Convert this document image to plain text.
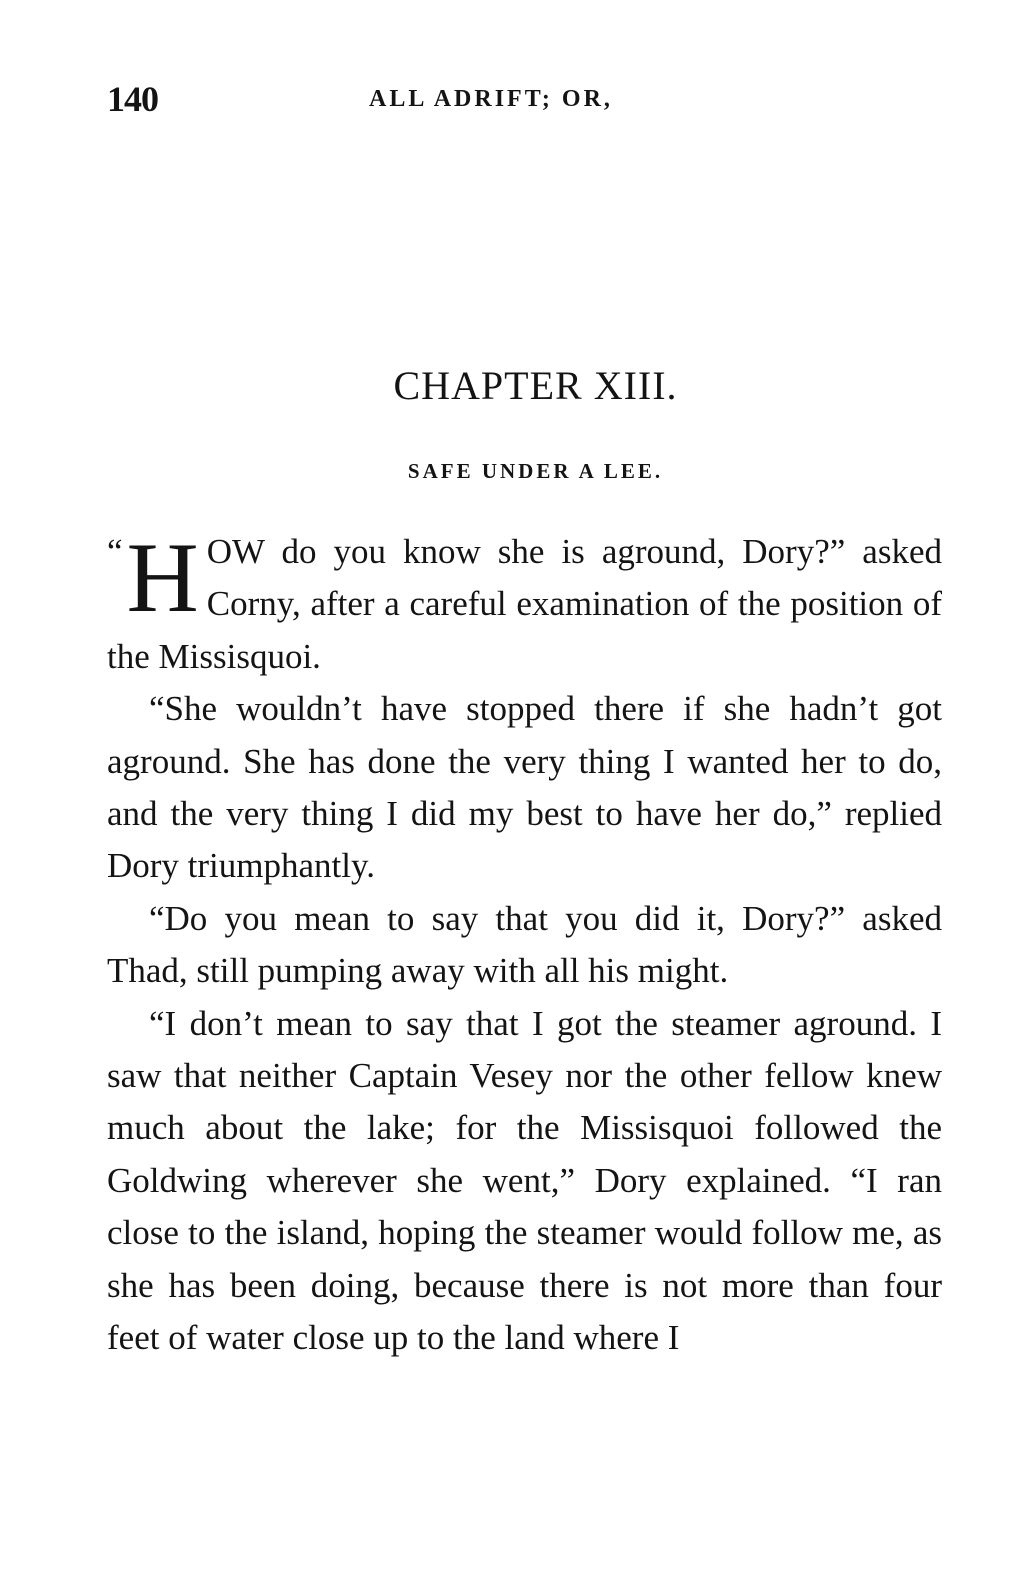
140	ALL ADRIFT; OR,
CHAPTER XIII.
SAFE UNDER A LEE.

“ H OW do you know she is aground, Dory?” asked Corny, after a careful examination of the position of the Missisquoi.

“She wouldn’t have stopped there if she hadn’t got aground. She has done the very thing I wanted her to do, and the very thing I did my best to have her do,” replied Dory triumphantly.

“Do you mean to say that you did it, Dory?” asked Thad, still pumping away with all his might.

“I don’t mean to say that I got the steamer aground. I saw that neither Captain Vesey nor the other fellow knew much about the lake; for the Missisquoi followed the Goldwing wherever she went,” Dory explained. “I ran close to the island, hoping the steamer would follow me, as she has been doing, because there is not more than four feet of water close up to the land where I
